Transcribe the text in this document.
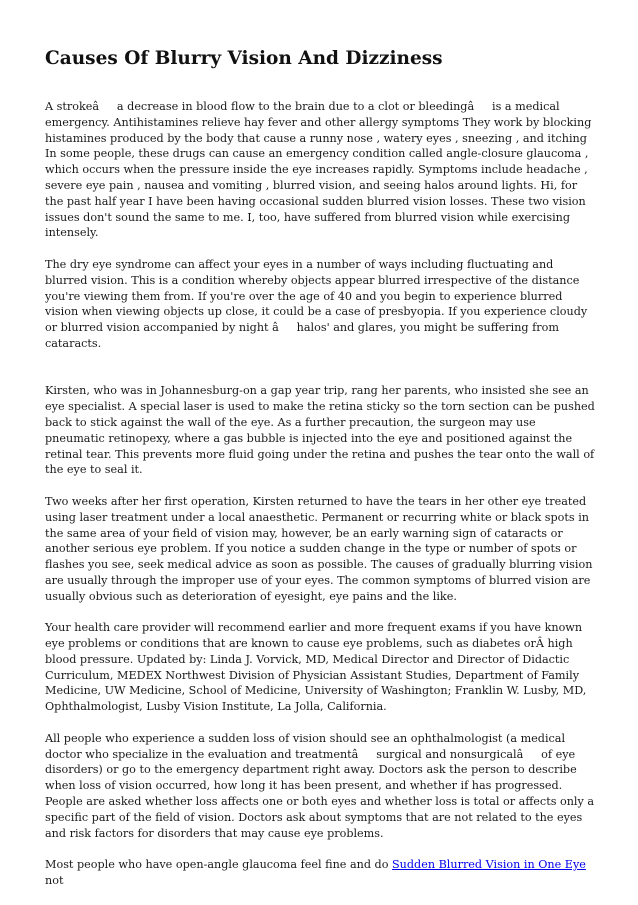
Causes Of Blurry Vision And Dizziness

A strokeâa decrease in blood flow to the brain due to a clot or bleedingâis a medical emergency. Antihistamines relieve hay fever and other allergy symptoms They work by blocking histamines produced by the body that cause a runny nose , watery eyes , sneezing , and itching In some people, these drugs can cause an emergency condition called angle-closure glaucoma , which occurs when the pressure inside the eye increases rapidly. Symptoms include headache , severe eye pain , nausea and vomiting , blurred vision, and seeing halos around lights. Hi, for the past half year I have been having occasional sudden blurred vision losses. These two vision issues don't sound the same to me. I, too, have suffered from blurred vision while exercising intensely.

The dry eye syndrome can affect your eyes in a number of ways including fluctuating and blurred vision. This is a condition whereby objects appear blurred irrespective of the distance you're viewing them from. If you're over the age of 40 and you begin to experience blurred vision when viewing objects up close, it could be a case of presbyopia. If you experience cloudy or blurred vision accompanied by night âhalos' and glares, you might be suffering from cataracts.

Kirsten, who was in Johannesburg-on a gap year trip, rang her parents, who insisted she see an eye specialist. A special laser is used to make the retina sticky so the torn section can be pushed back to stick against the wall of the eye. As a further precaution, the surgeon may use pneumatic retinopexy, where a gas bubble is injected into the eye and positioned against the retinal tear. This prevents more fluid going under the retina and pushes the tear onto the wall of the eye to seal it.

Two weeks after her first operation, Kirsten returned to have the tears in her other eye treated using laser treatment under a local anaesthetic. Permanent or recurring white or black spots in the same area of your field of vision may, however, be an early warning sign of cataracts or another serious eye problem. If you notice a sudden change in the type or number of spots or flashes you see, seek medical advice as soon as possible. The causes of gradually blurring vision are usually through the improper use of your eyes. The common symptoms of blurred vision are usually obvious such as deterioration of eyesight, eye pains and the like.

Your health care provider will recommend earlier and more frequent exams if you have known eye problems or conditions that are known to cause eye problems, such as diabetes orÂ high blood pressure. Updated by: Linda J. Vorvick, MD, Medical Director and Director of Didactic Curriculum, MEDEX Northwest Division of Physician Assistant Studies, Department of Family Medicine, UW Medicine, School of Medicine, University of Washington; Franklin W. Lusby, MD, Ophthalmologist, Lusby Vision Institute, La Jolla, California.

All people who experience a sudden loss of vision should see an ophthalmologist (a medical doctor who specialize in the evaluation and treatmentâsurgical and nonsurgicalâof eye disorders) or go to the emergency department right away. Doctors ask the person to describe when loss of vision occurred, how long it has been present, and whether if has progressed. People are asked whether loss affects one or both eyes and whether loss is total or affects only a specific part of the field of vision. Doctors ask about symptoms that are not related to the eyes and risk factors for disorders that may cause eye problems.

Most people who have open-angle glaucoma feel fine and do Sudden Blurred Vision in One Eye not
